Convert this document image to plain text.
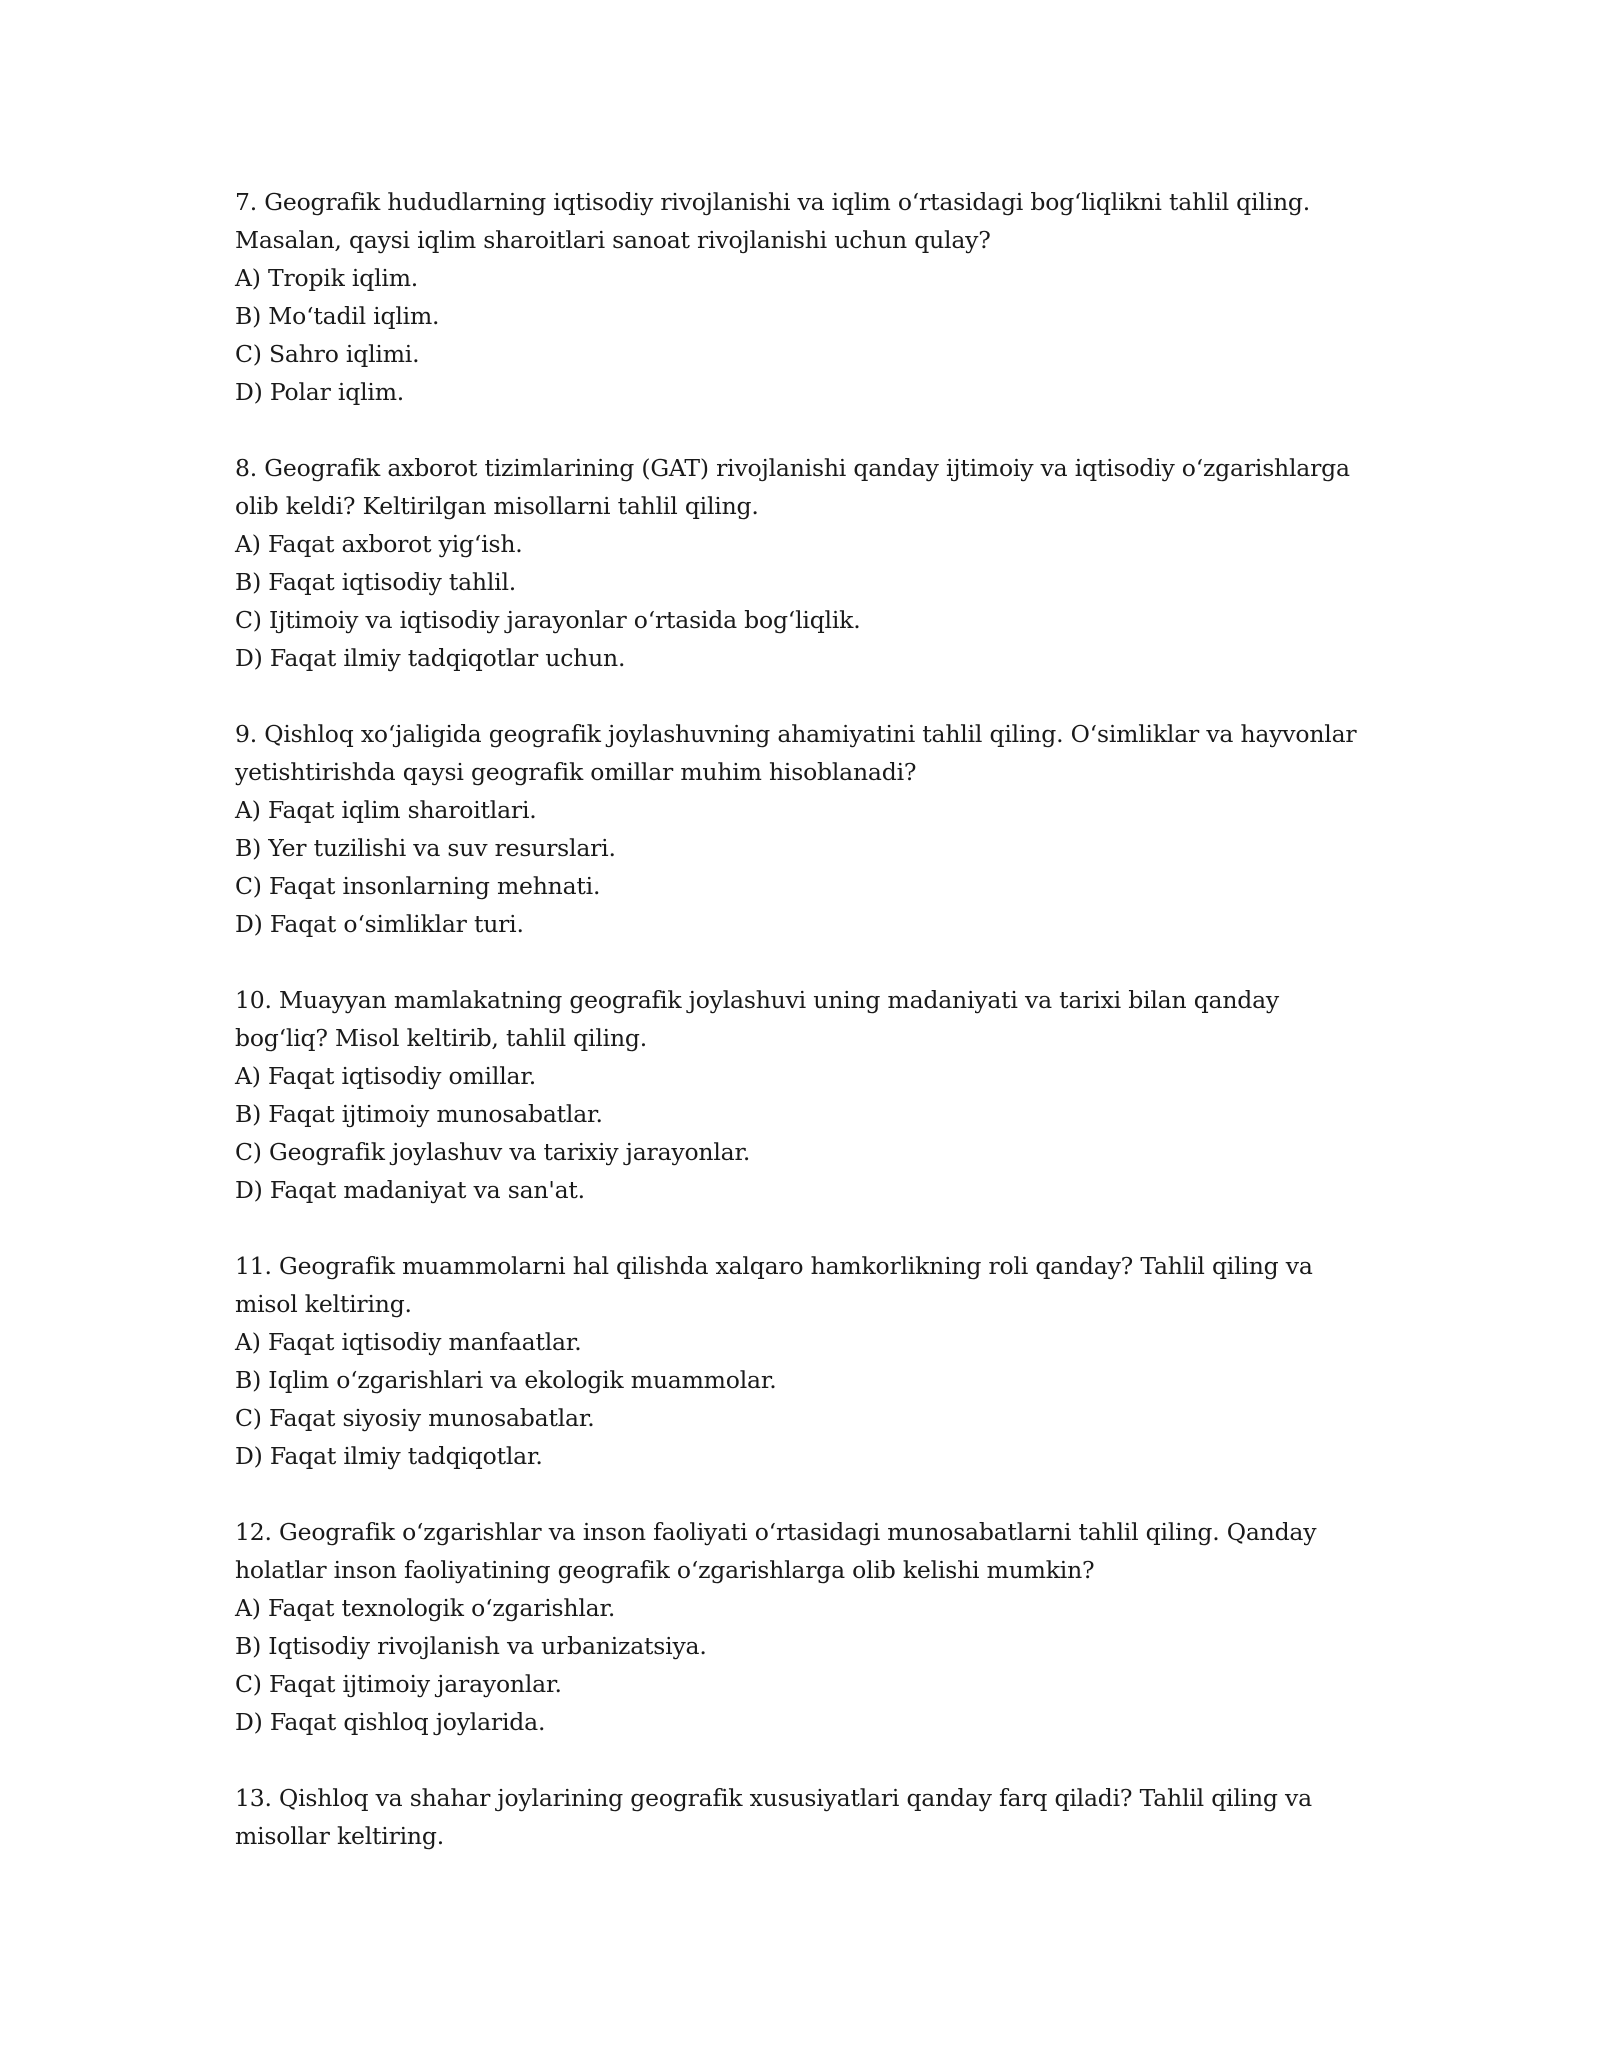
7. Geografik hududlarning iqtisodiy rivojlanishi va iqlim oʻrtasidagi bogʻliqlikni tahlil qiling.
Masalan, qaysi iqlim sharoitlari sanoat rivojlanishi uchun qulay?
A) Tropik iqlim.
B) Moʻtadil iqlim.
C) Sahro iqlimi.
D) Polar iqlim.
8. Geografik axborot tizimlarining (GAT) rivojlanishi qanday ijtimoiy va iqtisodiy oʻzgarishlarga
olib keldi? Keltirilgan misollarni tahlil qiling.
A) Faqat axborot yigʻish.
B) Faqat iqtisodiy tahlil.
C) Ijtimoiy va iqtisodiy jarayonlar oʻrtasida bogʻliqlik.
D) Faqat ilmiy tadqiqotlar uchun.
9. Qishloq xoʻjaligida geografik joylashuvning ahamiyatini tahlil qiling. Oʻsimliklar va hayvonlar
yetishtirishda qaysi geografik omillar muhim hisoblanadi?
A) Faqat iqlim sharoitlari.
B) Yer tuzilishi va suv resurslari.
C) Faqat insonlarning mehnati.
D) Faqat oʻsimliklar turi.
10. Muayyan mamlakatning geografik joylashuvi uning madaniyati va tarixi bilan qanday
bogʻliq? Misol keltirib, tahlil qiling.
A) Faqat iqtisodiy omillar.
B) Faqat ijtimoiy munosabatlar.
C) Geografik joylashuv va tarixiy jarayonlar.
D) Faqat madaniyat va san'at.
11. Geografik muammolarni hal qilishda xalqaro hamkorlikning roli qanday? Tahlil qiling va
misol keltiring.
A) Faqat iqtisodiy manfaatlar.
B) Iqlim oʻzgarishlari va ekologik muammolar.
C) Faqat siyosiy munosabatlar.
D) Faqat ilmiy tadqiqotlar.
12. Geografik oʻzgarishlar va inson faoliyati oʻrtasidagi munosabatlarni tahlil qiling. Qanday
holatlar inson faoliyatining geografik oʻzgarishlarga olib kelishi mumkin?
A) Faqat texnologik oʻzgarishlar.
B) Iqtisodiy rivojlanish va urbanizatsiya.
C) Faqat ijtimoiy jarayonlar.
D) Faqat qishloq joylarida.
13. Qishloq va shahar joylarining geografik xususiyatlari qanday farq qiladi? Tahlil qiling va
misollar keltiring.
